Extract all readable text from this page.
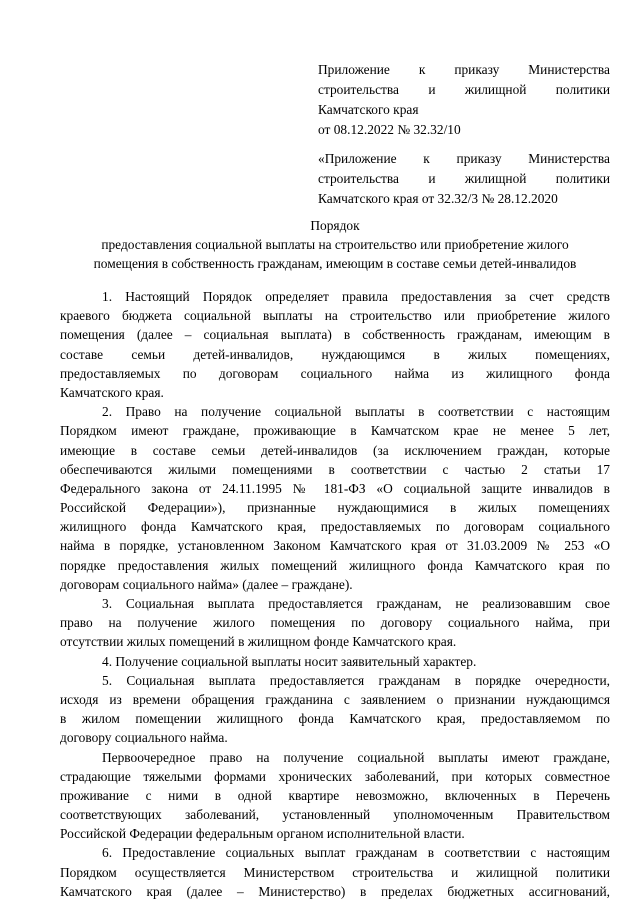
Приложение к приказу Министерства
строительства и жилищной политики
Камчатского края
от 08.12.2022 № 32.32/10
«Приложение к приказу Министерства
строительства и жилищной политики
Камчатского края от 32.32/3 № 28.12.2020
Порядок
предоставления социальной выплаты на строительство или приобретение жилого
помещения в собственность гражданам, имеющим в составе семьи детей-инвалидов
1. Настоящий Порядок определяет правила предоставления за счет средств
краевого бюджета социальной выплаты на строительство или приобретение жилого
помещения (далее – социальная выплата) в собственность гражданам, имеющим в
составе семьи детей-инвалидов, нуждающимся в жилых помещениях,
предоставляемых по договорам социального найма из жилищного фонда
Камчатского края.
2. Право на получение социальной выплаты в соответствии с настоящим
Порядком имеют граждане, проживающие в Камчатском крае не менее 5 лет,
имеющие в составе семьи детей-инвалидов (за исключением граждан, которые
обеспечиваются жилыми помещениями в соответствии с частью 2 статьи 17
Федерального закона от 24.11.1995 № 181-ФЗ «О социальной защите инвалидов в
Российской Федерации»), признанные нуждающимися в жилых помещениях
жилищного фонда Камчатского края, предоставляемых по договорам социального
найма в порядке, установленном Законом Камчатского края от 31.03.2009 № 253 «О
порядке предоставления жилых помещений жилищного фонда Камчатского края по
договорам социального найма» (далее – граждане).
3. Социальная выплата предоставляется гражданам, не реализовавшим свое
право на получение жилого помещения по договору социального найма, при
отсутствии жилых помещений в жилищном фонде Камчатского края.
4. Получение социальной выплаты носит заявительный характер.
5. Социальная выплата предоставляется гражданам в порядке очередности,
исходя из времени обращения гражданина с заявлением о признании нуждающимся
в жилом помещении жилищного фонда Камчатского края, предоставляемом по
договору социального найма.
Первоочередное право на получение социальной выплаты имеют граждане,
страдающие тяжелыми формами хронических заболеваний, при которых совместное
проживание с ними в одной квартире невозможно, включенных в Перечень
соответствующих заболеваний, установленный уполномоченным Правительством
Российской Федерации федеральным органом исполнительной власти.
6. Предоставление социальных выплат гражданам в соответствии с настоящим
Порядком осуществляется Министерством строительства и жилищной политики
Камчатского края (далее – Министерство) в пределах бюджетных ассигнований,
